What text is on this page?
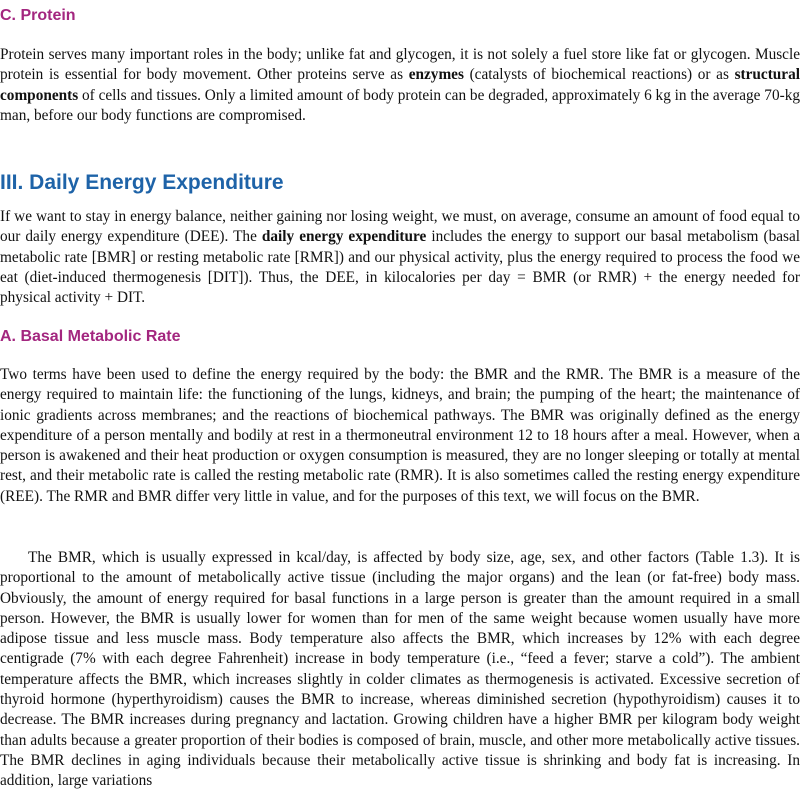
C. Protein

Protein serves many important roles in the body; unlike fat and glycogen, it is not solely a fuel store like fat or glycogen. Muscle protein is essential for body movement. Other proteins serve as enzymes (catalysts of biochemical reactions) or as structural components of cells and tissues. Only a limited amount of body protein can be degraded, approximately 6 kg in the average 70-kg man, before our body functions are compromised.

III. Daily Energy Expenditure

If we want to stay in energy balance, neither gaining nor losing weight, we must, on average, consume an amount of food equal to our daily energy expenditure (DEE). The daily energy expenditure includes the energy to support our basal metabolism (basal metabolic rate [BMR] or resting metabolic rate [RMR]) and our physical activity, plus the energy required to process the food we eat (diet-induced thermogenesis [DIT]). Thus, the DEE, in kilocalories per day = BMR (or RMR) + the energy needed for physical activity + DIT.

A. Basal Metabolic Rate

Two terms have been used to define the energy required by the body: the BMR and the RMR. The BMR is a measure of the energy required to maintain life: the functioning of the lungs, kidneys, and brain; the pumping of the heart; the maintenance of ionic gradients across membranes; and the reactions of biochemical pathways. The BMR was originally defined as the energy expenditure of a person mentally and bodily at rest in a thermoneutral environment 12 to 18 hours after a meal. However, when a person is awakened and their heat production or oxygen consumption is measured, they are no longer sleeping or totally at mental rest, and their metabolic rate is called the resting metabolic rate (RMR). It is also sometimes called the resting energy expenditure (REE). The RMR and BMR differ very little in value, and for the purposes of this text, we will focus on the BMR.

The BMR, which is usually expressed in kcal/day, is affected by body size, age, sex, and other factors (Table 1.3). It is proportional to the amount of metabolically active tissue (including the major organs) and the lean (or fat-free) body mass. Obviously, the amount of energy required for basal functions in a large person is greater than the amount required in a small person. However, the BMR is usually lower for women than for men of the same weight because women usually have more adipose tissue and less muscle mass. Body temperature also affects the BMR, which increases by 12% with each degree centigrade (7% with each degree Fahrenheit) increase in body temperature (i.e., “feed a fever; starve a cold”). The ambient temperature affects the BMR, which increases slightly in colder climates as thermogenesis is activated. Excessive secretion of thyroid hormone (hyperthyroidism) causes the BMR to increase, whereas diminished secretion (hypothyroidism) causes it to decrease. The BMR increases during pregnancy and lactation. Growing children have a higher BMR per kilogram body weight than adults because a greater proportion of their bodies is composed of brain, muscle, and other more metabolically active tissues. The BMR declines in aging individuals because their metabolically active tissue is shrinking and body fat is increasing. In addition, large variations
